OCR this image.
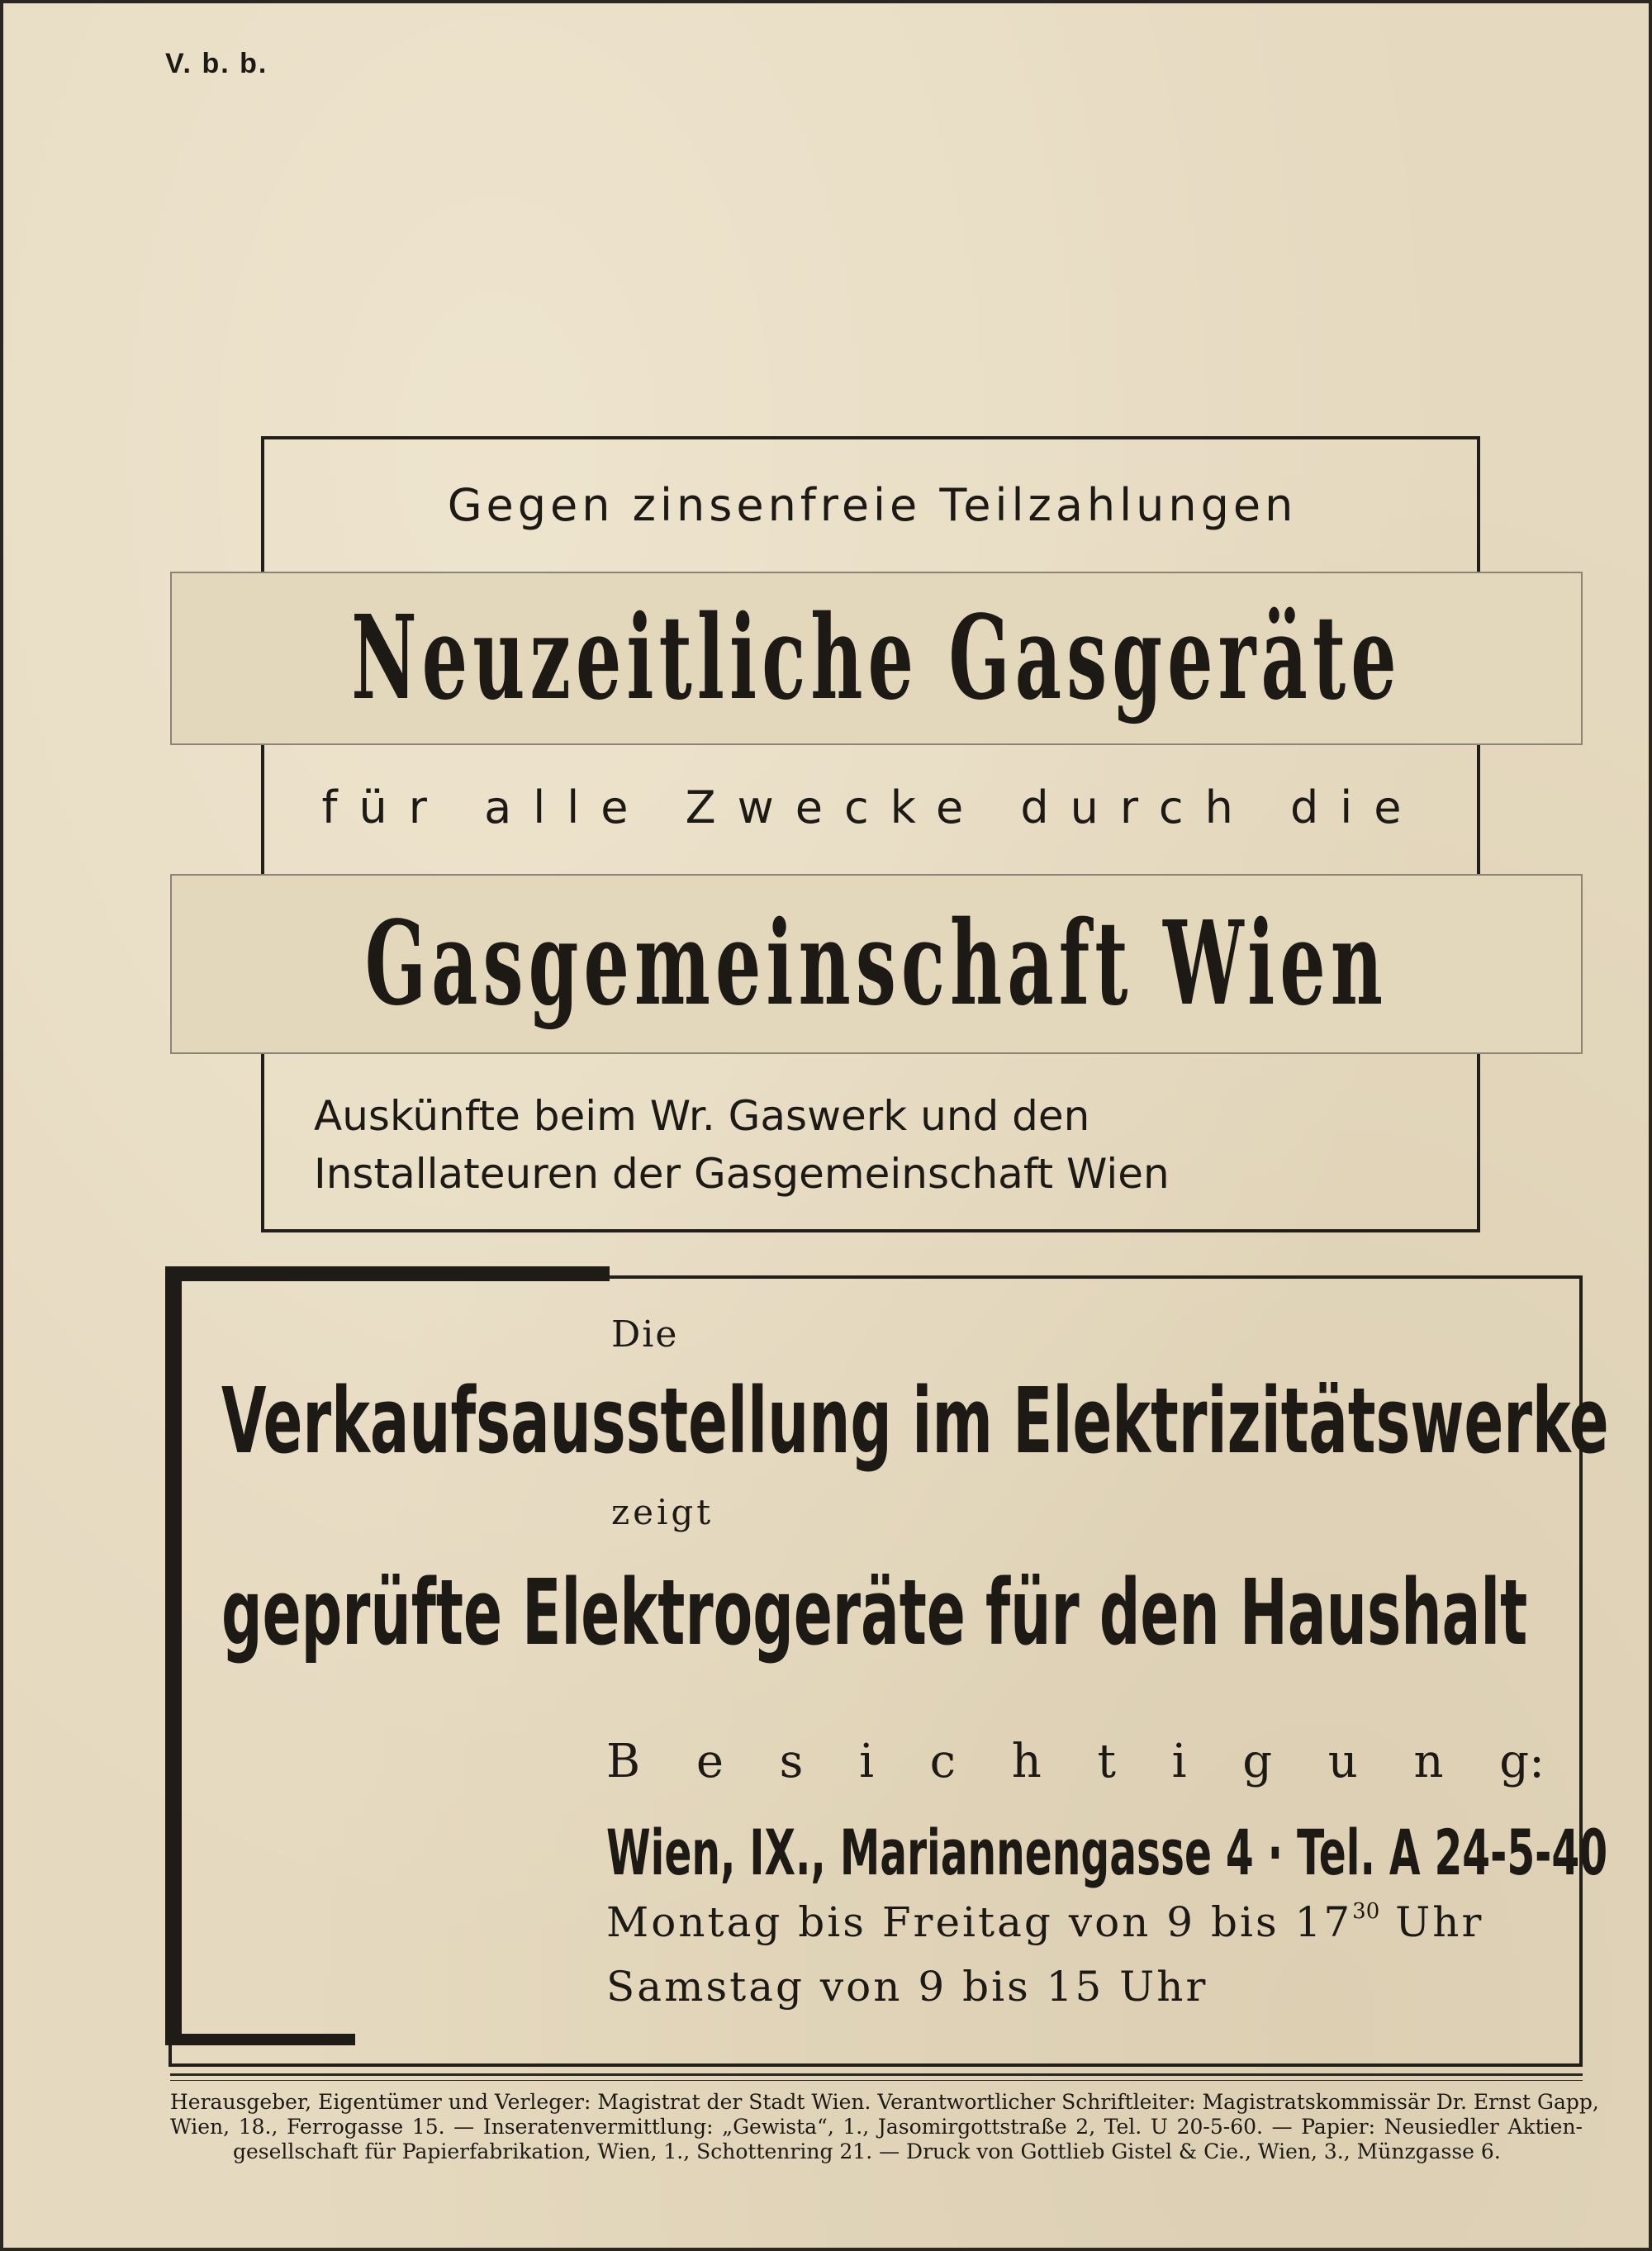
V. b. b.
Gegen zinsenfreie Teilzahlungen
Neuzeitliche Gasgeräte
für alle Zwecke durch die
Gasgemeinschaft Wien
Auskünfte beim Wr. Gaswerk und den
Installateuren der Gasgemeinschaft Wien
Die
Verkaufsausstellung im Elektrizitätswerke
zeigt
geprüfte Elektrogeräte für den Haushalt
B e s i c h t i g u n g:
Wien, IX., Mariannengasse 4 · Tel. A 24-5-40
Montag bis Freitag von 9 bis $17^{30}$ Uhr
Samstag von 9 bis 15 Uhr
Herausgeber, Eigentümer und Verleger: Magistrat der Stadt Wien. Verantwortlicher Schriftleiter: Magistratskommissär Dr. Ernst Gapp,
Wien, 18., Ferrogasse 15. — Inseratenvermittlung: „Gewista“, 1., Jasomirgottstraße 2, Tel. U 20-5-60. — Papier: Neusiedler Aktien-
gesellschaft für Papierfabrikation, Wien, 1., Schottenring 21. — Druck von Gottlieb Gistel & Cie., Wien, 3., Münzgasse 6.
